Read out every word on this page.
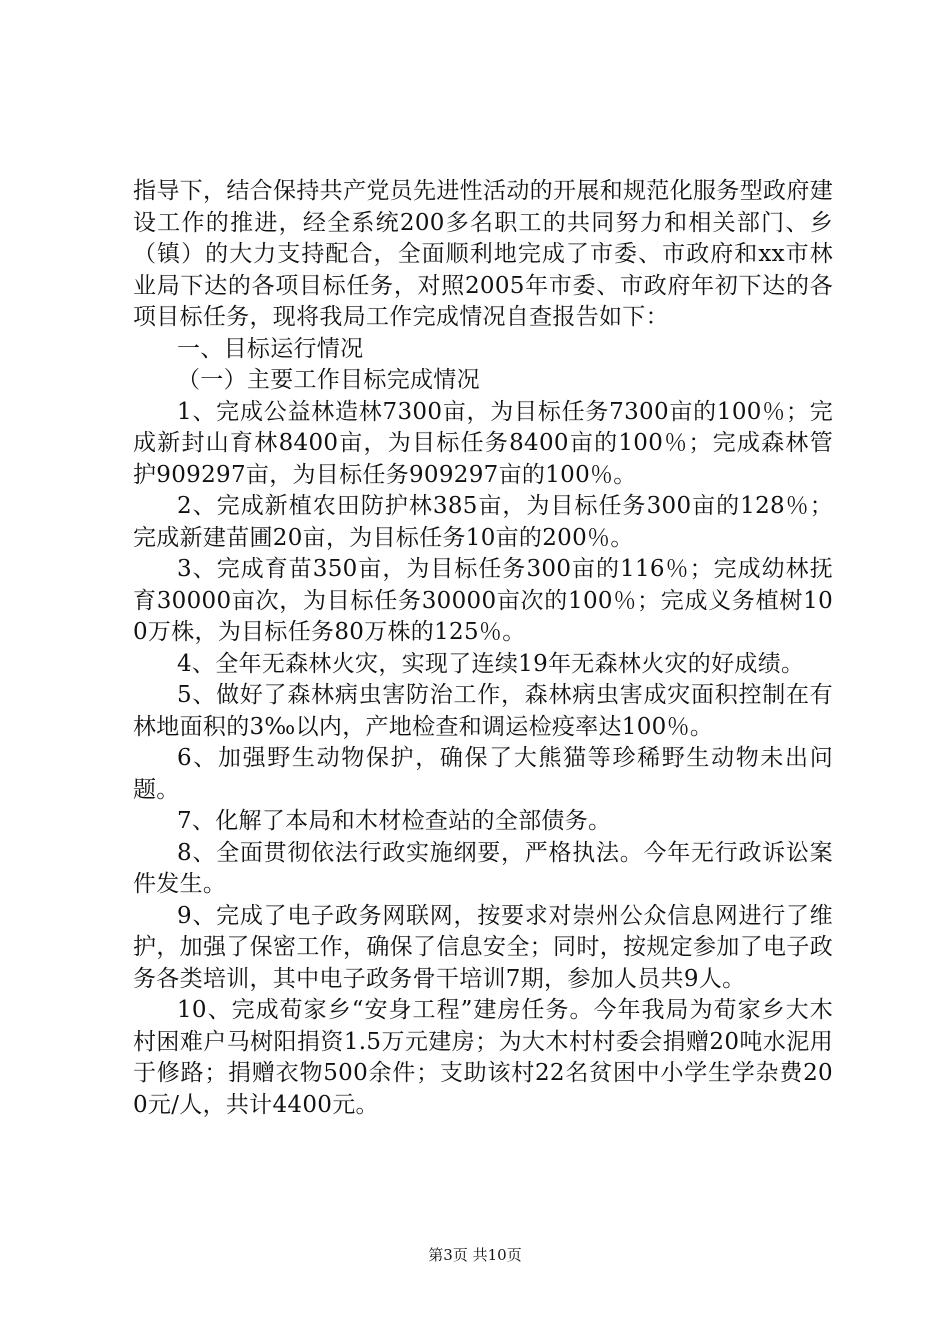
指导下，结合保持共产党员先进性活动的开展和规范化服务型政府建设工作的推进，经全系统200多名职工的共同努力和相关部门、乡（镇）的大力支持配合，全面顺利地完成了市委、市政府和xx市林业局下达的各项目标任务，对照2005年市委、市政府年初下达的各项目标任务，现将我局工作完成情况自查报告如下：

一、目标运行情况

（一）主要工作目标完成情况

1、完成公益林造林7300亩，为目标任务7300亩的100％；完成新封山育林8400亩，为目标任务8400亩的100％；完成森林管护909297亩，为目标任务909297亩的100％。

2、完成新植农田防护林385亩，为目标任务300亩的128％；完成新建苗圃20亩，为目标任务10亩的200％。

3、完成育苗350亩，为目标任务300亩的116％；完成幼林抚育30000亩次，为目标任务30000亩次的100％；完成义务植树100万株，为目标任务80万株的125％。

4、全年无森林火灾，实现了连续19年无森林火灾的好成绩。

5、做好了森林病虫害防治工作，森林病虫害成灾面积控制在有林地面积的3‰以内，产地检查和调运检疫率达100％。

6、加强野生动物保护，确保了大熊猫等珍稀野生动物未出问题。

7、化解了本局和木材检查站的全部债务。

8、全面贯彻依法行政实施纲要，严格执法。今年无行政诉讼案件发生。

9、完成了电子政务网联网，按要求对崇州公众信息网进行了维护，加强了保密工作，确保了信息安全；同时，按规定参加了电子政务各类培训，其中电子政务骨干培训7期，参加人员共9人。

10、完成荀家乡“安身工程”建房任务。今年我局为荀家乡大木村困难户马树阳捐资1.5万元建房；为大木村村委会捐赠20吨水泥用于修路；捐赠衣物500余件；支助该村22名贫困中小学生学杂费200元/人，共计4400元。

第3页 共10页
